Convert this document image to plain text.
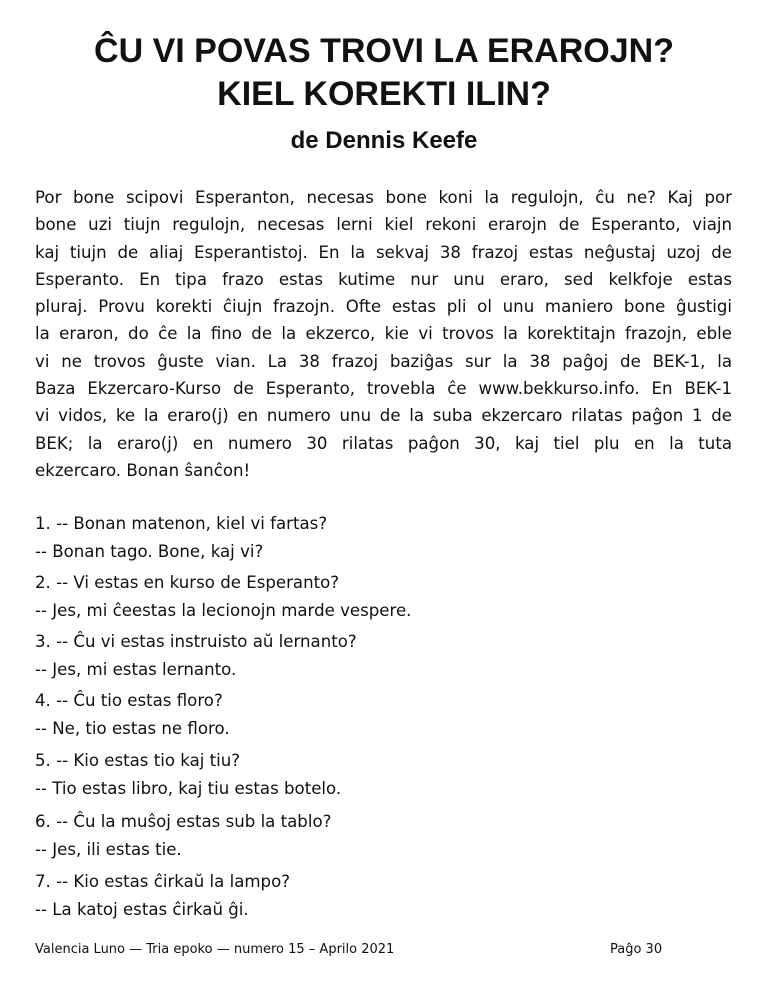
ĈU VI POVAS TROVI LA ERAROJN?
KIEL KOREKTI ILIN?
de Dennis Keefe
Por bone scipovi Esperanton, necesas bone koni la regulojn, ĉu ne? Kaj por
bone uzi tiujn regulojn, necesas lerni kiel rekoni erarojn de Esperanto, viajn
kaj tiujn de aliaj Esperantistoj. En la sekvaj 38 frazoj estas neĝustaj uzoj de
Esperanto. En tipa frazo estas kutime nur unu eraro, sed kelkfoje estas
pluraj. Provu korekti ĉiujn frazojn. Ofte estas pli ol unu maniero bone ĝustigi
la eraron, do ĉe la fino de la ekzerco, kie vi trovos la korektitajn frazojn, eble
vi ne trovos ĝuste vian. La 38 frazoj baziĝas sur la 38 paĝoj de BEK-1, la
Baza Ekzercaro-Kurso de Esperanto, trovebla ĉe www.bekkurso.info. En BEK-1
vi vidos, ke la eraro(j) en numero unu de la suba ekzercaro rilatas paĝon 1 de
BEK; la eraro(j) en numero 30 rilatas paĝon 30, kaj tiel plu en la tuta
ekzercaro. Bonan ŝanĉon!
1. -- Bonan matenon, kiel vi fartas?
-- Bonan tago. Bone, kaj vi?
2. -- Vi estas en kurso de Esperanto?
-- Jes, mi ĉeestas la lecionojn marde vespere.
3. -- Ĉu vi estas instruisto aŭ lernanto?
-- Jes, mi estas lernanto.
4. -- Ĉu tio estas floro?
-- Ne, tio estas ne floro.
5. -- Kio estas tio kaj tiu?
-- Tio estas libro, kaj tiu estas botelo.
6. -- Ĉu la muŝoj estas sub la tablo?
-- Jes, ili estas tie.
7. -- Kio estas ĉirkaŭ la lampo?
-- La katoj estas ĉirkaŭ ĝi.
Valencia Luno — Tria epoko — numero 15 – Aprilo 2021	Paĝo 30
